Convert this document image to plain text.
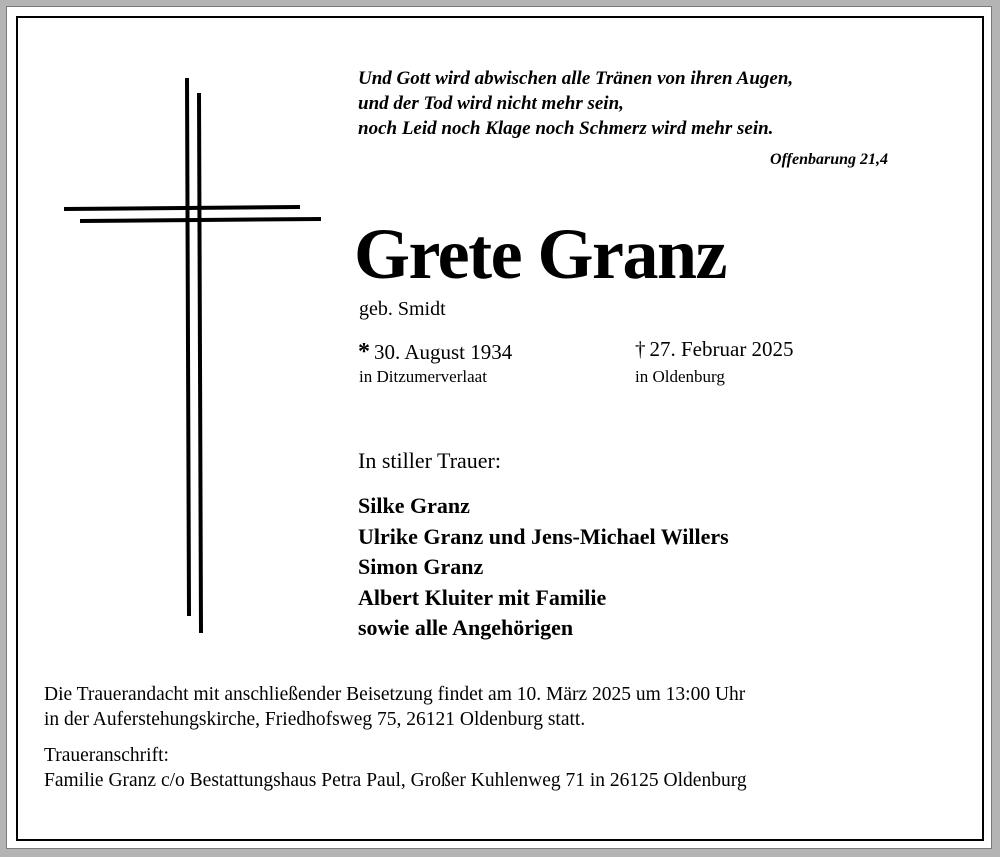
Und Gott wird abwischen alle Tränen von ihren Augen,
und der Tod wird nicht mehr sein,
noch Leid noch Klage noch Schmerz wird mehr sein.
Offenbarung 21,4
Grete Granz
geb. Smidt
* 30. August 1934
in Ditzumerverlaat
† 27. Februar 2025
in Oldenburg
In stiller Trauer:
Silke Granz
Ulrike Granz und Jens-Michael Willers
Simon Granz
Albert Kluiter mit Familie
sowie alle Angehörigen
Die Trauerandacht mit anschließender Beisetzung findet am 10. März 2025 um 13:00 Uhr
in der Auferstehungskirche, Friedhofsweg 75, 26121 Oldenburg statt.
Traueranschrift:
Familie Granz c/o Bestattungshaus Petra Paul, Großer Kuhlenweg 71 in 26125 Oldenburg
